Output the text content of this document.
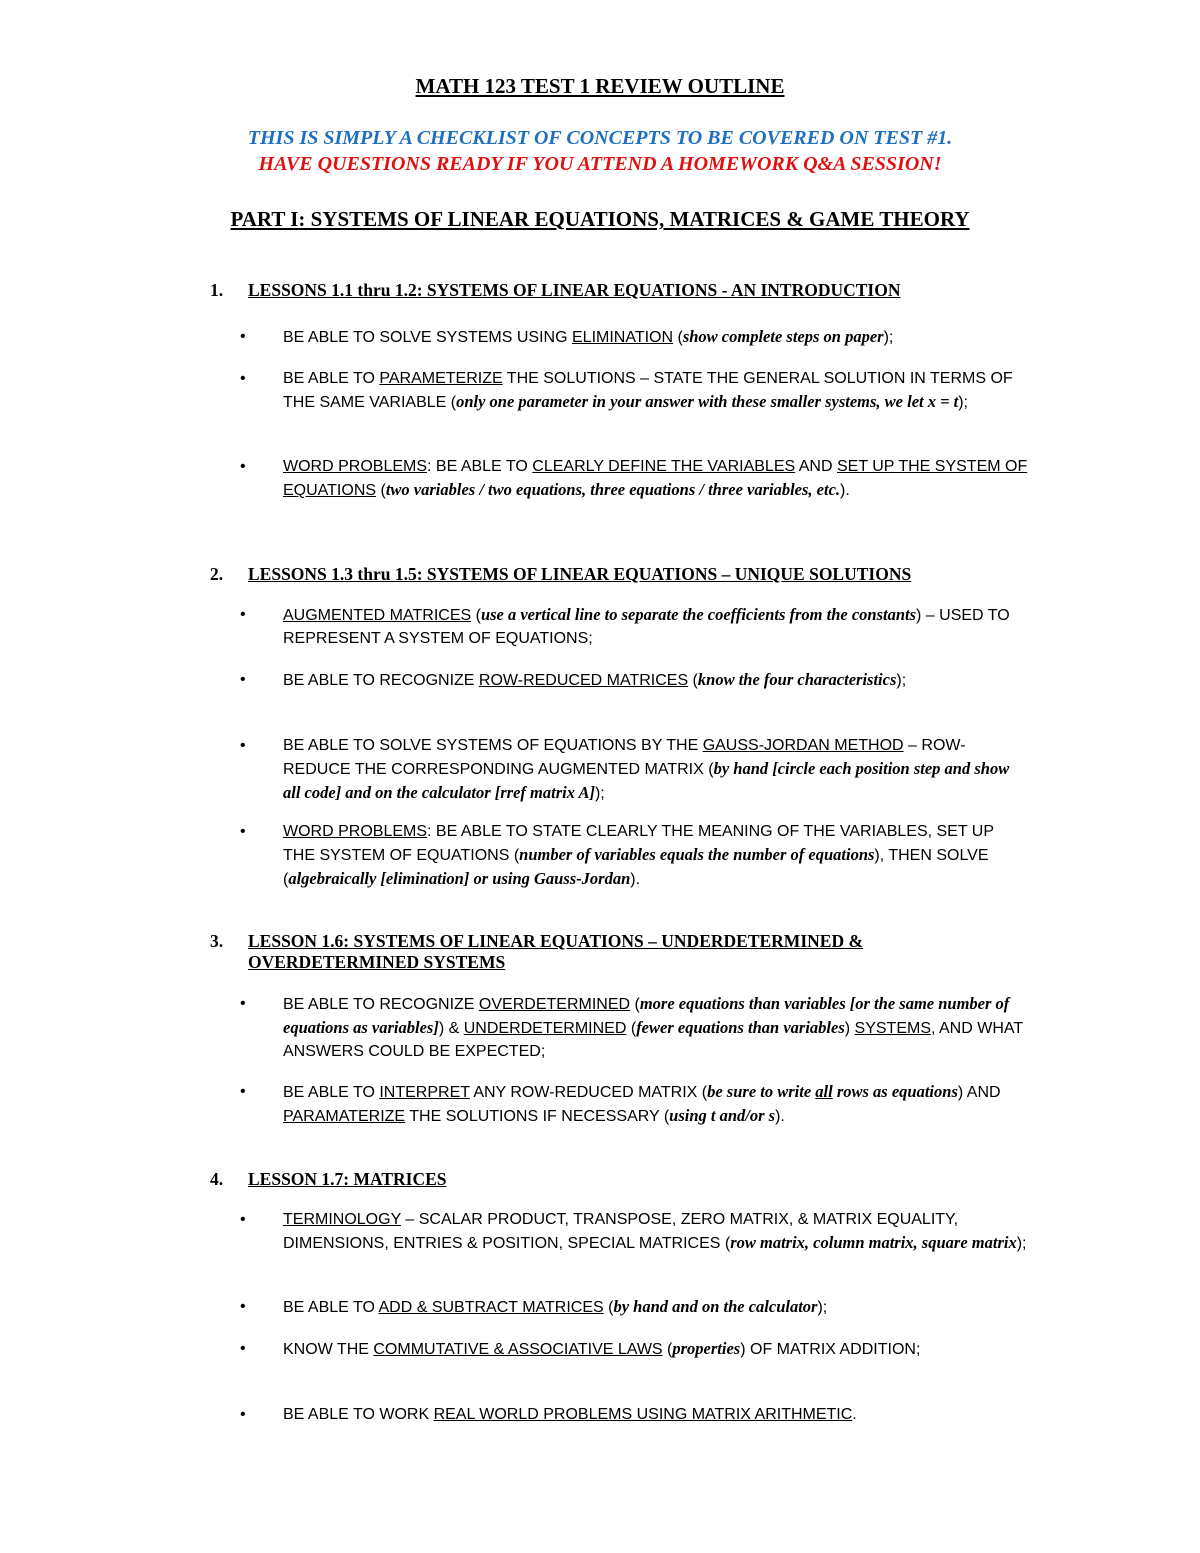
MATH 123 TEST 1 REVIEW OUTLINE
THIS IS SIMPLY A CHECKLIST OF CONCEPTS TO BE COVERED ON TEST #1.
HAVE QUESTIONS READY IF YOU ATTEND A HOMEWORK Q&A SESSION!
PART I: SYSTEMS OF LINEAR EQUATIONS, MATRICES & GAME THEORY
1.	LESSONS 1.1 thru 1.2: SYSTEMS OF LINEAR EQUATIONS - AN INTRODUCTION
• BE ABLE TO SOLVE SYSTEMS USING ELIMINATION (show complete steps on paper);
• BE ABLE TO PARAMETERIZE THE SOLUTIONS – STATE THE GENERAL SOLUTION IN TERMS OF THE SAME VARIABLE (only one parameter in your answer with these smaller systems, we let x = t);
• WORD PROBLEMS: BE ABLE TO CLEARLY DEFINE THE VARIABLES AND SET UP THE SYSTEM OF EQUATIONS (two variables / two equations, three equations / three variables, etc.).
2.	LESSONS 1.3 thru 1.5: SYSTEMS OF LINEAR EQUATIONS – UNIQUE SOLUTIONS
• AUGMENTED MATRICES (use a vertical line to separate the coefficients from the constants) – USED TO REPRESENT A SYSTEM OF EQUATIONS;
• BE ABLE TO RECOGNIZE ROW-REDUCED MATRICES (know the four characteristics);
• BE ABLE TO SOLVE SYSTEMS OF EQUATIONS BY THE GAUSS-JORDAN METHOD – ROW-REDUCE THE CORRESPONDING AUGMENTED MATRIX (by hand [circle each position step and show all code] and on the calculator [rref matrix A]);
• WORD PROBLEMS: BE ABLE TO STATE CLEARLY THE MEANING OF THE VARIABLES, SET UP THE SYSTEM OF EQUATIONS (number of variables equals the number of equations), THEN SOLVE (algebraically [elimination] or using Gauss-Jordan).
3.	LESSON 1.6: SYSTEMS OF LINEAR EQUATIONS – UNDERDETERMINED & OVERDETERMINED SYSTEMS
• BE ABLE TO RECOGNIZE OVERDETERMINED (more equations than variables [or the same number of equations as variables]) & UNDERDETERMINED (fewer equations than variables) SYSTEMS, AND WHAT ANSWERS COULD BE EXPECTED;
• BE ABLE TO INTERPRET ANY ROW-REDUCED MATRIX (be sure to write all rows as equations) AND PARAMATERIZE THE SOLUTIONS IF NECESSARY (using t and/or s).
4.	LESSON 1.7: MATRICES
• TERMINOLOGY – SCALAR PRODUCT, TRANSPOSE, ZERO MATRIX, & MATRIX EQUALITY, DIMENSIONS, ENTRIES & POSITION, SPECIAL MATRICES (row matrix, column matrix, square matrix);
• BE ABLE TO ADD & SUBTRACT MATRICES (by hand and on the calculator);
• KNOW THE COMMUTATIVE & ASSOCIATIVE LAWS (properties) OF MATRIX ADDITION;
• BE ABLE TO WORK REAL WORLD PROBLEMS USING MATRIX ARITHMETIC.
